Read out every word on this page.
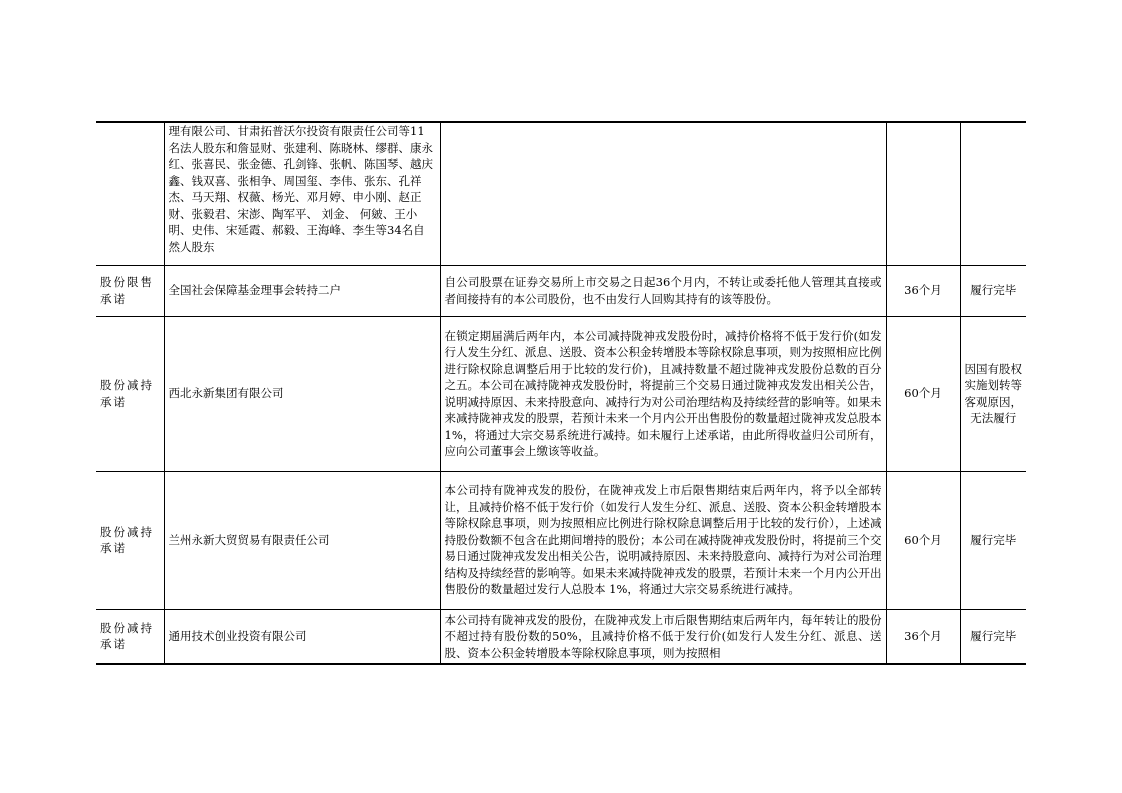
	理有限公司、甘肃拓普沃尔投资有限责任公司等11名法人股东和詹显财、张建利、陈晓林、缪群、康永红、张喜民、张金德、孔剑锋、张帆、陈国琴、越庆鑫、钱双喜、张相争、周国玺、李伟、张东、孔祥杰、马天翔、权薇、杨光、邓月婷、申小刚、赵正财、张毅君、宋澎、陶军平、 刘金、 何皴、王小明、史伟、宋延霞、郝毅、王海峰、李生等34名自然人股东			
股份限售承诺	全国社会保障基金理事会转持二户	自公司股票在证券交易所上市交易之日起36个月内，不转让或委托他人管理其直接或者间接持有的本公司股份，也不由发行人回购其持有的该等股份。	36个月	履行完毕
股份减持承诺	西北永新集团有限公司	在锁定期届满后两年内，本公司减持陇神戎发股份时，减持价格将不低于发行价(如发行人发生分红、派息、送股、资本公积金转增股本等除权除息事项，则为按照相应比例进行除权除息调整后用于比较的发行价)，且减持数量不超过陇神戎发股份总数的百分之五。本公司在减持陇神戎发股份时，将提前三个交易日通过陇神戎发发出相关公告，说明减持原因、未来持股意向、减持行为对公司治理结构及持续经营的影响等。如果未来减持陇神戎发的股票，若预计未来一个月内公开出售股份的数量超过陇神戎发总股本1%，将通过大宗交易系统进行减持。如未履行上述承诺，由此所得收益归公司所有，应向公司董事会上缴该等收益。	60个月	因国有股权实施划转等客观原因，无法履行
股份减持承诺	兰州永新大贸贸易有限责任公司	本公司持有陇神戎发的股份，在陇神戎发上市后限售期结束后两年内，将予以全部转让，且减持价格不低于发行价（如发行人发生分红、派息、送股、资本公积金转增股本等除权除息事项，则为按照相应比例进行除权除息调整后用于比较的发行价），上述减持股份数额不包含在此期间增持的股份；本公司在减持陇神戎发股份时，将提前三个交易日通过陇神戎发发出相关公告，说明减持原因、未来持股意向、减持行为对公司治理结构及持续经营的影响等。如果未来减持陇神戎发的股票，若预计未来一个月内公开出售股份的数量超过发行人总股本 1%，将通过大宗交易系统进行减持。	60个月	履行完毕
股份减持承诺	通用技术创业投资有限公司	本公司持有陇神戎发的股份，在陇神戎发上市后限售期结束后两年内，每年转让的股份不超过持有股份数的50%，且减持价格不低于发行价(如发行人发生分红、派息、送股、资本公积金转增股本等除权除息事项，则为按照相	36个月	履行完毕
